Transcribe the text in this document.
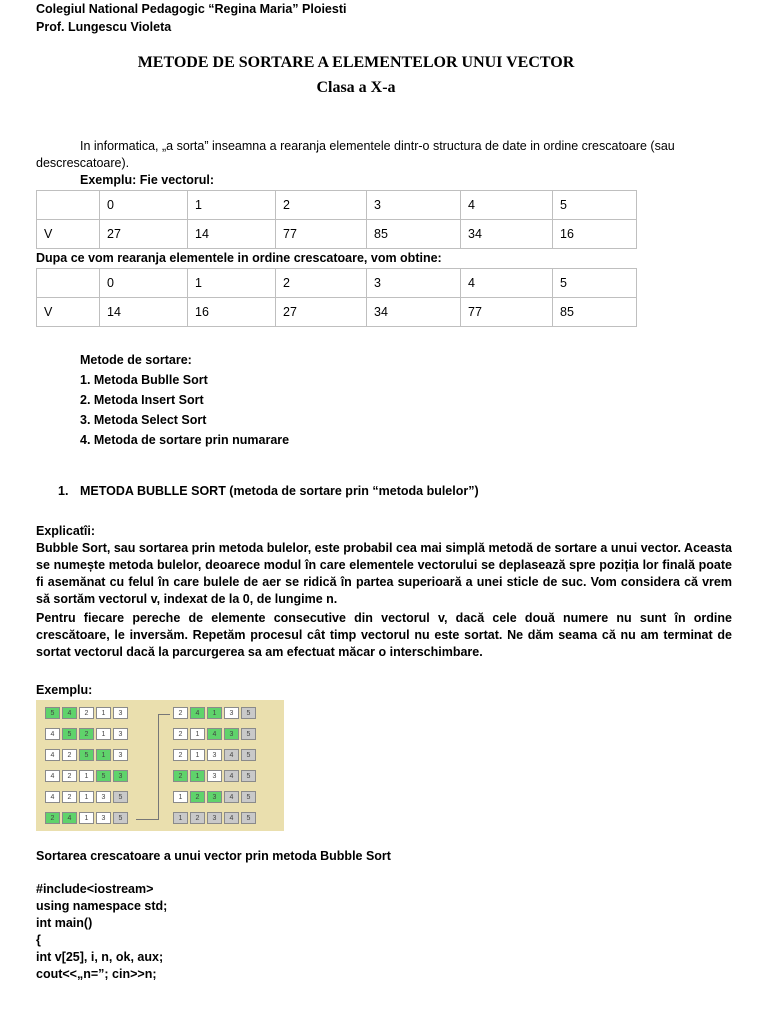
Colegiul National Pedagogic “Regina Maria” Ploiesti
Prof. Lungescu Violeta
METODE DE SORTARE A ELEMENTELOR UNUI VECTOR
Clasa a X-a
In informatica, „a sorta” inseamna a rearanja elementele dintr-o structura de date in ordine crescatoare (sau descrescatoare).
Exemplu: Fie vectorul:
	0	1	2	3	4	5
V	27	14	77	85	34	16
Dupa ce vom rearanja elementele in ordine crescatoare, vom obtine:
	0	1	2	3	4	5
V	14	16	27	34	77	85
Metode de sortare:
1. Metoda Bublle Sort
2. Metoda Insert Sort
3. Metoda Select Sort
4. Metoda de sortare prin numarare
1. METODA BUBLLE SORT (metoda de sortare prin “metoda bulelor”)
Explicatîi:
Bubble Sort, sau sortarea prin metoda bulelor, este probabil cea mai simplă metodă de sortare a unui vector. Aceasta se numește metoda bulelor, deoarece modul în care elementele vectorului se deplasează spre poziția lor finală poate fi asemănat cu felul în care bulele de aer se ridică în partea superioară a unei sticle de suc. Vom considera că vrem să sortăm vectorul v, indexat de la 0, de lungime n.
Pentru fiecare pereche de elemente consecutive din vectorul v, dacă cele două numere nu sunt în ordine crescătoare, le inversăm. Repetăm procesul cât timp vectorul nu este sortat. Ne dăm seama că nu am terminat de sortat vectorul dacă la parcurgerea sa am efectuat măcar o interschimbare.
Exemplu:
5	4	2	1	3
4	5	2	1	3
4	2	5	1	3
4	2	1	5	3
4	2	1	3	5
2	4	1	3	5
2	4	1	3	5
2	1	4	3	5
2	1	3	4	5
2	1	3	4	5
1	2	3	4	5
1	2	3	4	5
Sortarea crescatoare a unui vector prin metoda Bubble Sort
#include<iostream>
using namespace std;
int main()
{
int v[25], i, n, ok, aux;
cout<<„n=”; cin>>n;
